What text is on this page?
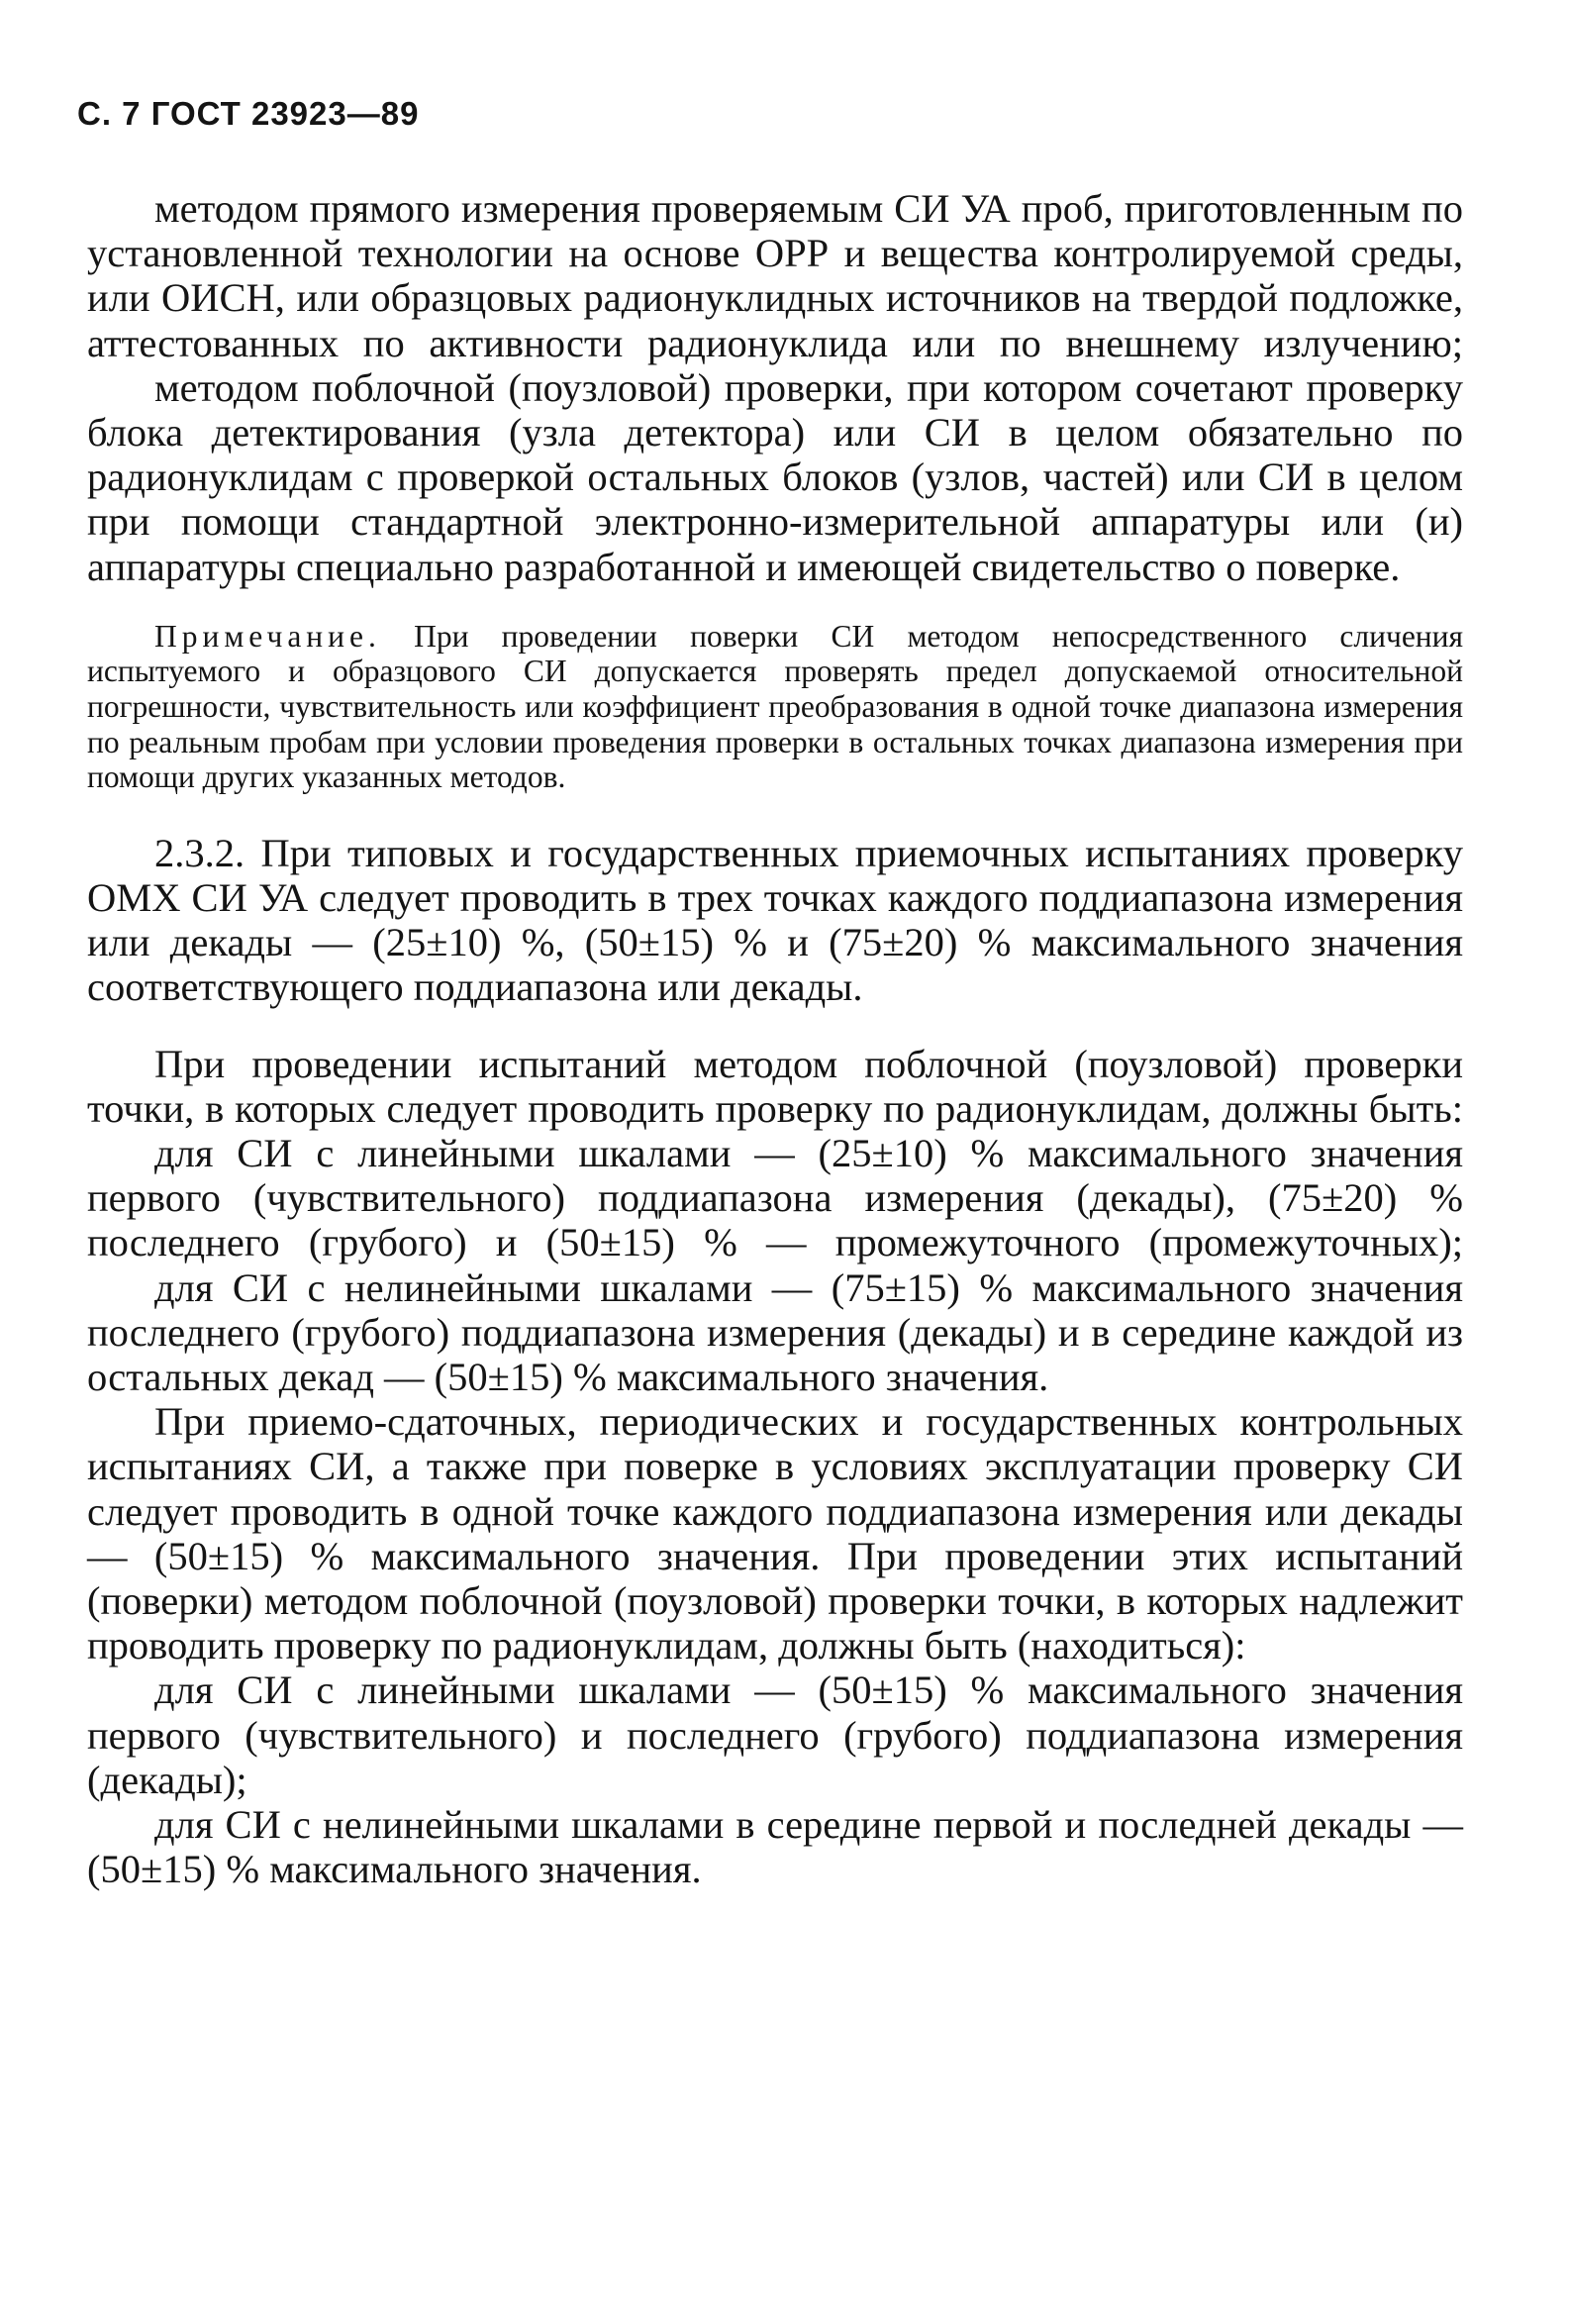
С. 7 ГОСТ 23923—89

методом прямого измерения проверяемым СИ УА проб, приготовленным по установленной технологии на основе ОРР и вещества контролируемой среды, или ОИСН, или образцовых радионуклидных источников на твердой подложке, аттестованных по активности радионуклида или по внешнему излучению;

методом поблочной (поузловой) проверки, при котором сочетают проверку блока детектирования (узла детектора) или СИ в целом обязательно по радионуклидам с проверкой остальных блоков (узлов, частей) или СИ в целом при помощи стандартной электронно-измерительной аппаратуры или (и) аппаратуры специально разработанной и имеющей свидетельство о поверке.

Примечание. При проведении поверки СИ методом непосредственного сличения испытуемого и образцового СИ допускается проверять предел допускаемой относительной погрешности, чувствительность или коэффициент преобразования в одной точке диапазона измерения по реальным пробам при условии проведения проверки в остальных точках диапазона измерения при помощи других указанных методов.

2.3.2. При типовых и государственных приемочных испытаниях проверку ОМХ СИ УА следует проводить в трех точках каждого поддиапазона измерения или декады — (25±10) %, (50±15) % и (75±20) % максимального значения соответствующего поддиапазона или декады.

При проведении испытаний методом поблочной (поузловой) проверки точки, в которых следует проводить проверку по радионуклидам, должны быть:

для СИ с линейными шкалами — (25±10) % максимального значения первого (чувствительного) поддиапазона измерения (декады), (75±20) % последнего (грубого) и (50±15) % — промежуточного (промежуточных);

для СИ с нелинейными шкалами — (75±15) % максимального значения последнего (грубого) поддиапазона измерения (декады) и в середине каждой из остальных декад — (50±15) % максимального значения.

При приемо-сдаточных, периодических и государственных контрольных испытаниях СИ, а также при поверке в условиях эксплуатации проверку СИ следует проводить в одной точке каждого поддиапазона измерения или декады — (50±15) % максимального значения. При проведении этих испытаний (поверки) методом поблочной (поузловой) проверки точки, в которых надлежит проводить проверку по радионуклидам, должны быть (находиться):

для СИ с линейными шкалами — (50±15) % максимального значения первого (чувствительного) и последнего (грубого) поддиапазона измерения (декады);

для СИ с нелинейными шкалами в середине первой и последней декады — (50±15) % максимального значения.
